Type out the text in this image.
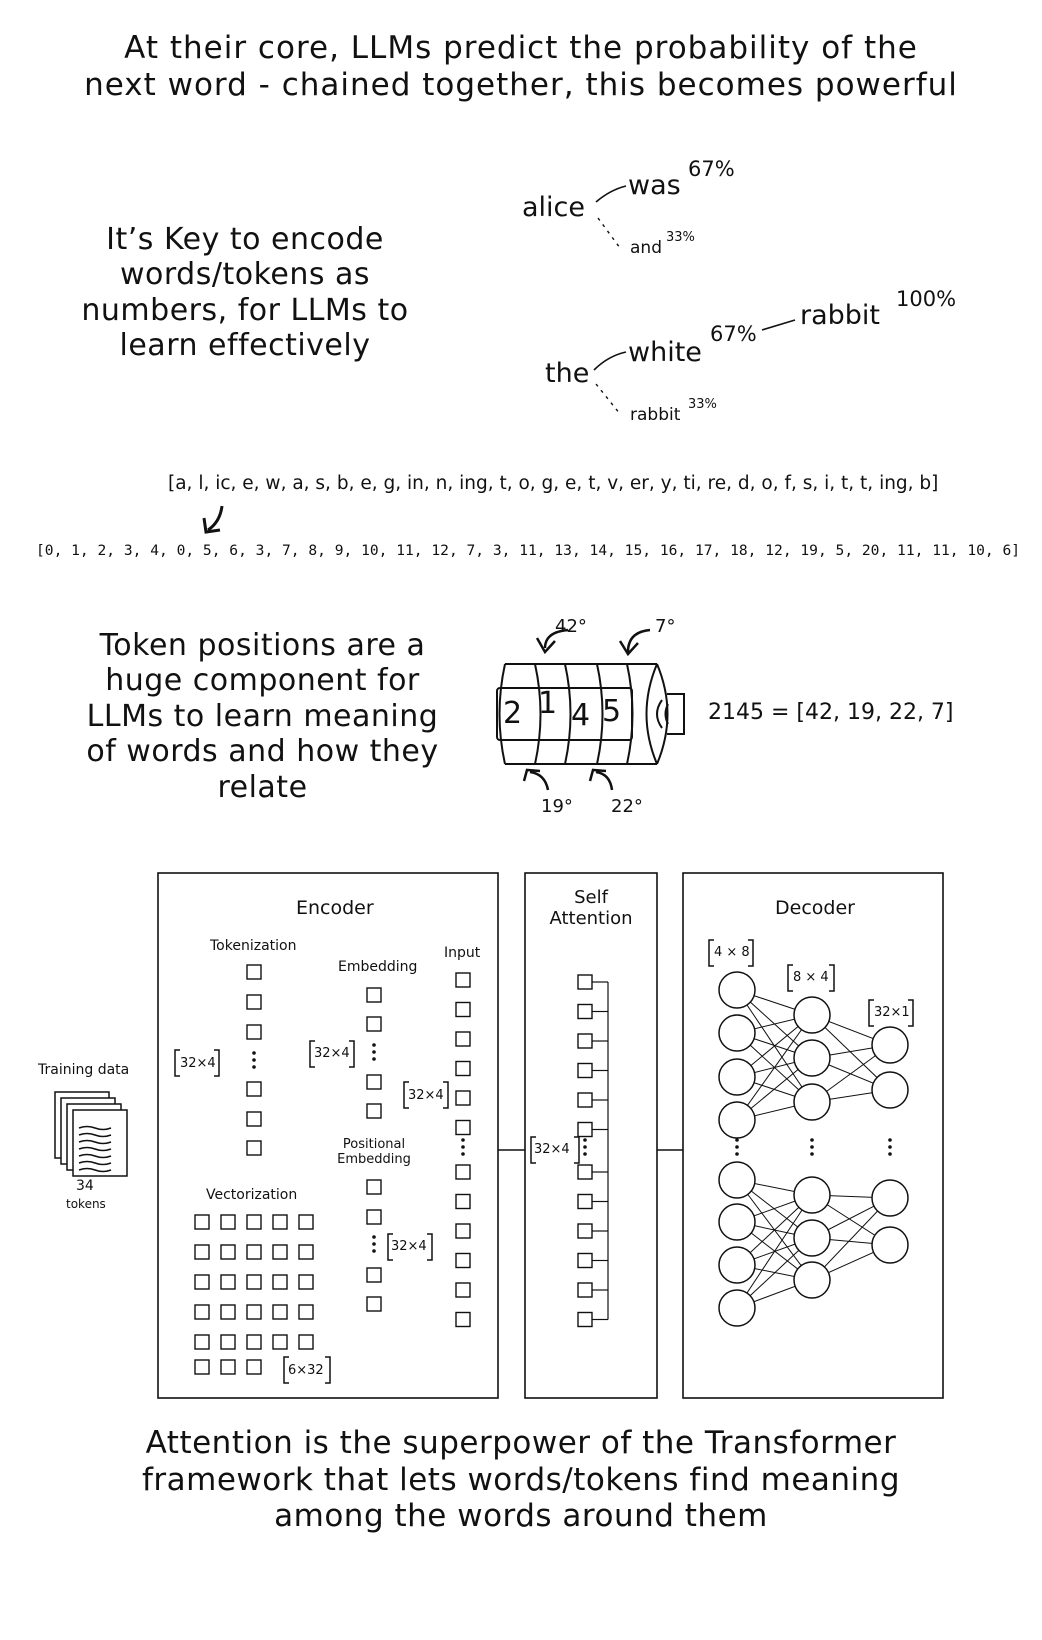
At their core, LLMs predict the probability of the
next word - chained together, this becomes powerful
It’s Key to encode
words/tokens as
numbers, for LLMs to
learn effectively
alice
was
67%
and
33%
the
white
67%
rabbit
100%
rabbit
33%
[a, l, ic, e, w, a, s, b, e, g, in, n, ing, t, o, g, e, t, v, er, y, ti, re, d, o, f, s, i, t, t, ing, b]
[0, 1, 2, 3, 4, 0, 5, 6, 3, 7, 8, 9, 10, 11, 12, 7, 3, 11, 13, 14, 15, 16, 17, 18, 12, 19, 5, 20, 11, 11, 10, 6]
Token positions are a
huge component for
LLMs to learn meaning
of words and how they
relate
2 1 4 5
42°	7°
19° 22°
2145 = [42, 19, 22, 7]
Training data
34
tokens
Encoder
Tokenization
32×4
Embedding
32×4
Positional
Embedding
32×4
Input
32×4
Vectorization
6×32
Self
Attention
32×4
Decoder
4 × 8
8 × 4
32×1
Attention is the superpower of the Transformer
framework that lets words/tokens find meaning
among the words around them
